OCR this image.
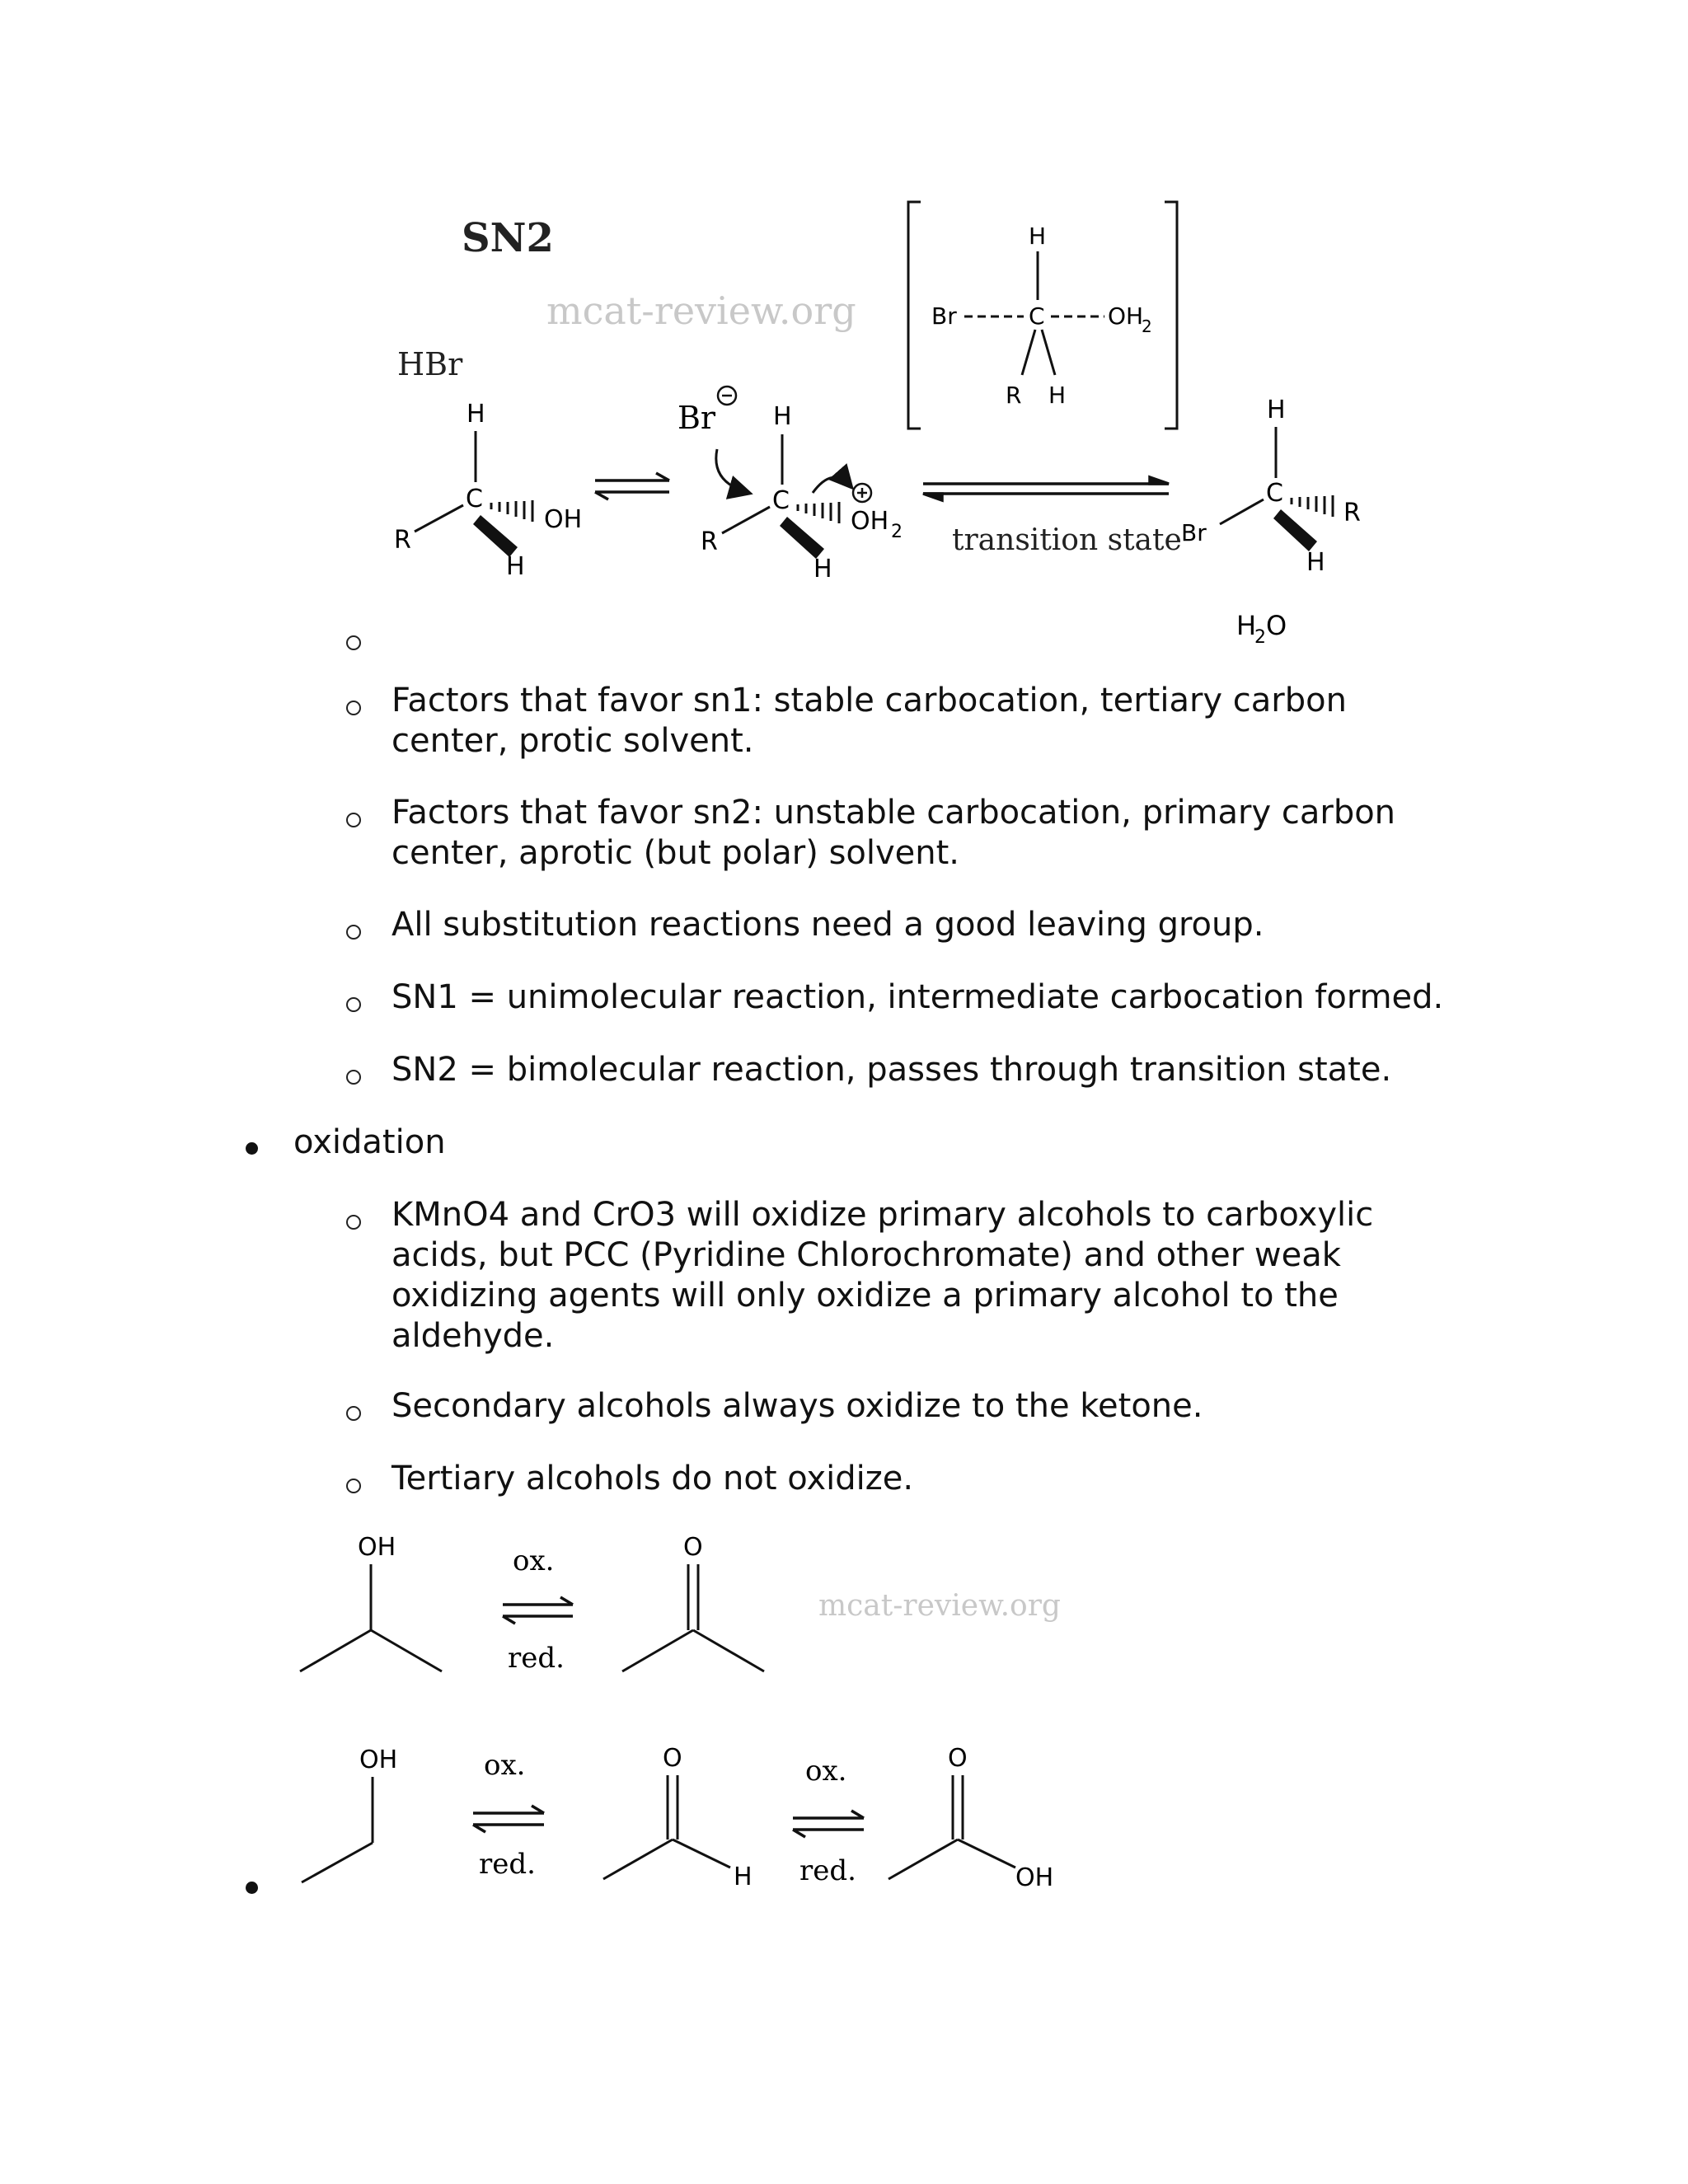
SN2
mcat-review.org
HBr
H
C
R
OH
H
Br H
C
R
OH 2
H
H
Br	C	OH
2
R H
transition state
H
C
Br
R
H
H
2 O
Factors that favor sn1: stable carbocation, tertiary carbon center, protic solvent.
Factors that favor sn2: unstable carbocation, primary carbon center, aprotic (but polar) solvent.
All substitution reactions need a good leaving group.
SN1 = unimolecular reaction, intermediate carbocation formed.
SN2 = bimolecular reaction, passes through transition state.
oxidation
KMnO4 and CrO3 will oxidize primary alcohols to carboxylic acids, but PCC (Pyridine Chlorochromate) and other weak oxidizing agents will only oxidize a primary alcohol to the aldehyde.
Secondary alcohols always oxidize to the ketone.
Tertiary alcohols do not oxidize.
OH	ox.
red.
O
mcat-review.org
OH	ox.
red.
O
H
ox.
red.
O
OH
